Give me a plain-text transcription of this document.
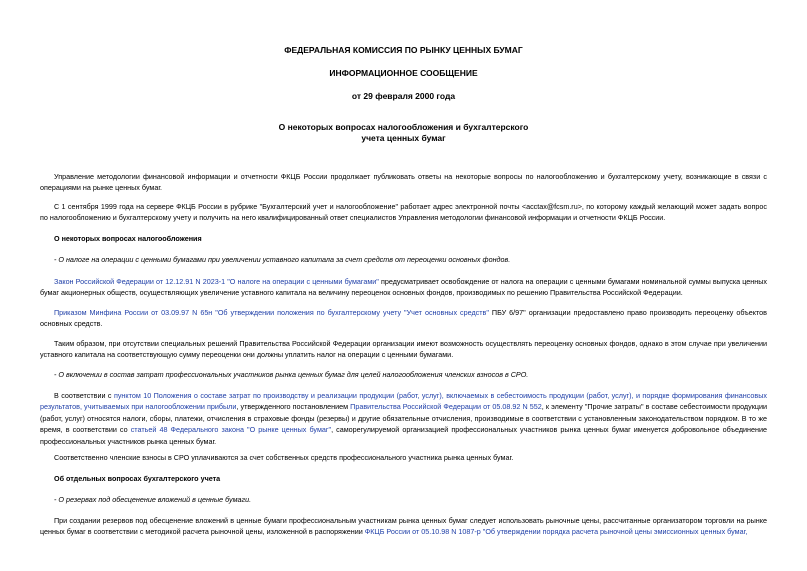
ФЕДЕРАЛЬНАЯ КОМИССИЯ ПО РЫНКУ ЦЕННЫХ БУМАГ
ИНФОРМАЦИОННОЕ СООБЩЕНИЕ
от 29 февраля 2000 года
О некоторых вопросах налогообложения и бухгалтерского
учета ценных бумаг

Управление методологии финансовой информации и отчетности ФКЦБ России продолжает публиковать ответы на некоторые вопросы по налогообложению и бухгалтерскому учету, возникающие в связи с операциями на рынке ценных бумаг.

С 1 сентября 1999 года на сервере ФКЦБ России в рубрике "Бухгалтерский учет и налогообложение" работает адрес электронной почты <acctax@fcsm.ru>, по которому каждый желающий может задать вопрос по налогообложению и бухгалтерскому учету и получить на него квалифицированный ответ специалистов Управления методологии финансовой информации и отчетности ФКЦБ России.

О некоторых вопросах налогообложения

- О налоге на операции с ценными бумагами при увеличении уставного капитала за счет средств от переоценки основных фондов.

Закон Российской Федерации от 12.12.91 N 2023-1 "О налоге на операции с ценными бумагами" предусматривает освобождение от налога на операции с ценными бумагами номинальной суммы выпуска ценных бумаг акционерных обществ, осуществляющих увеличение уставного капитала на величину переоценок основных фондов, производимых по решению Правительства Российской Федерации.

Приказом Минфина России от 03.09.97 N 65н "Об утверждении положения по бухгалтерскому учету "Учет основных средств" ПБУ 6/97" организации предоставлено право производить переоценку объектов основных средств.

Таким образом, при отсутствии специальных решений Правительства Российской Федерации организации имеют возможность осуществлять переоценку основных фондов, однако в этом случае при увеличении уставного капитала на соответствующую сумму переоценки они должны уплатить налог на операции с ценными бумагами.

- О включении в состав затрат профессиональных участников рынка ценных бумаг для целей налогообложения членских взносов в СРО.

В соответствии с пунктом 10 Положения о составе затрат по производству и реализации продукции (работ, услуг), включаемых в себестоимость продукции (работ, услуг), и порядке формирования финансовых результатов, учитываемых при налогообложении прибыли, утвержденного постановлением Правительства Российской Федерации от 05.08.92 N 552, к элементу "Прочие затраты" в составе себестоимости продукции (работ, услуг) относятся налоги, сборы, платежи, отчисления в страховые фонды (резервы) и другие обязательные отчисления, производимые в соответствии с установленным законодательством порядком. В то же время, в соответствии со статьей 48 Федерального закона "О рынке ценных бумаг", саморегулируемой организацией профессиональных участников рынка ценных бумаг именуется добровольное объединение профессиональных участников рынка ценных бумаг.

Соответственно членские взносы в СРО уплачиваются за счет собственных средств профессионального участника рынка ценных бумаг.

Об отдельных вопросах бухгалтерского учета

- О резервах под обесценение вложений в ценные бумаги.

При создании резервов под обесценение вложений в ценные бумаги профессиональным участникам рынка ценных бумаг следует использовать рыночные цены, рассчитанные организатором торговли на рынке ценных бумаг в соответствии с методикой расчета рыночной цены, изложенной в распоряжении ФКЦБ России от 05.10.98 N 1087-р "Об утверждении порядка расчета рыночной цены эмиссионных ценных бумаг,
